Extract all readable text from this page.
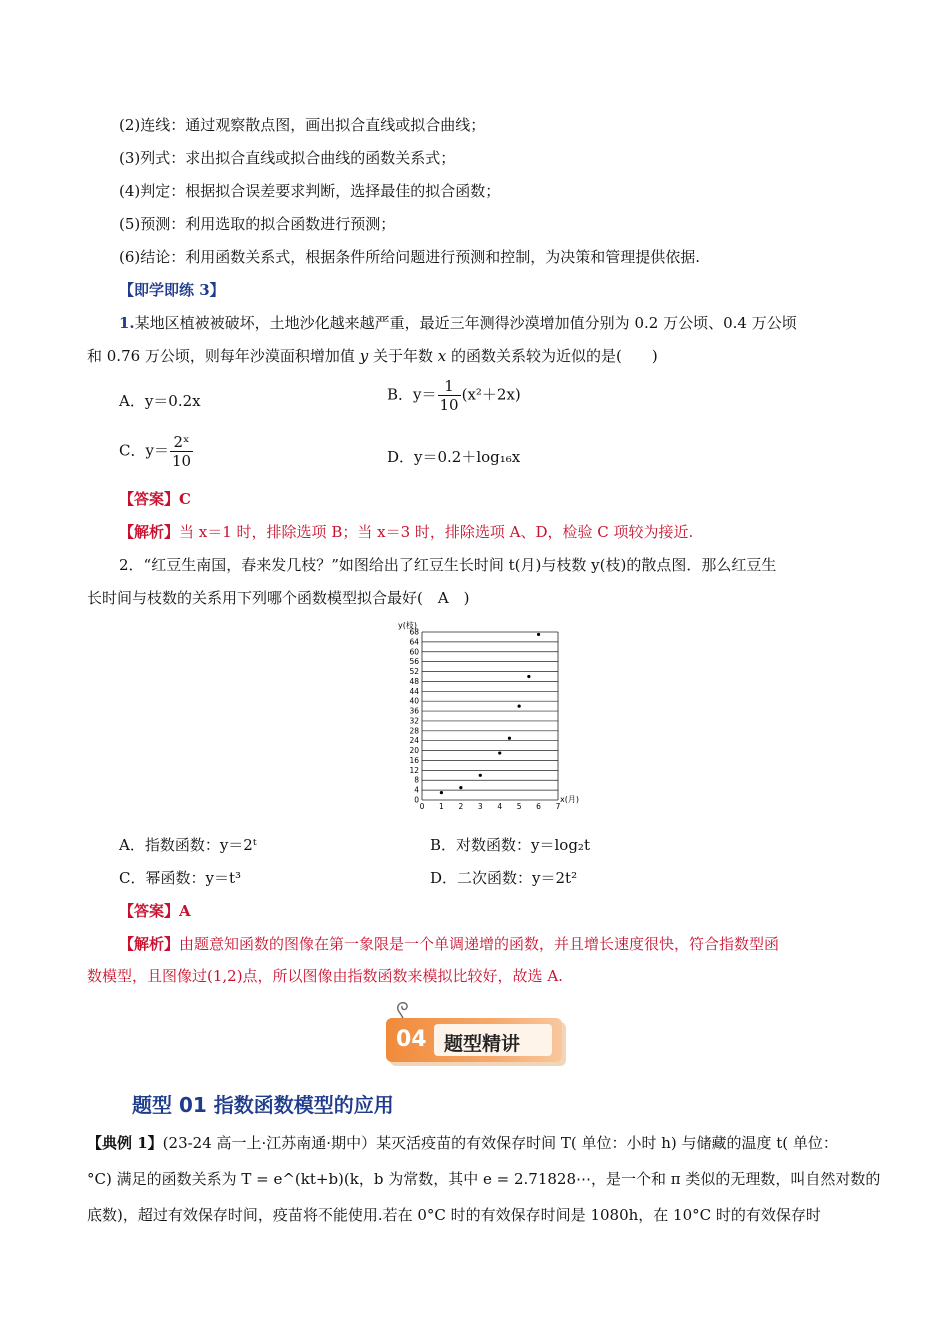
(2)连线：通过观察散点图，画出拟合直线或拟合曲线；
(3)列式：求出拟合直线或拟合曲线的函数关系式；
(4)判定：根据拟合误差要求判断，选择最佳的拟合函数；
(5)预测：利用选取的拟合函数进行预测；
(6)结论：利用函数关系式，根据条件所给问题进行预测和控制，为决策和管理提供依据.
【即学即练 3】
1.某地区植被被破坏，土地沙化越来越严重，最近三年测得沙漠增加值分别为 0.2 万公顷、0.4 万公顷
和 0.76 万公顷，则每年沙漠面积增加值 y 关于年数 x 的函数关系较为近似的是(　　)
A．y＝0.2x	B．$y= \frac{1}{10} (x^2+2x)$
C．$y= \frac{\text{2ˣ}}{10}$	D．y＝0.2＋log₁₆x
【答案】C
【解析】当 x＝1 时，排除选项 B；当 x＝3 时，排除选项 A、D，检验 C 项较为接近.
2．“红豆生南国，春来发几枝？”如图给出了红豆生长时间 t(月)与枝数 y(枝)的散点图．那么红豆生
长时间与枝数的关系用下列哪个函数模型拟合最好(　A　)
y(枝)
x(月)
0
4
8
12
16
20
24
28
32
36
40
44
48
52
56
60
64
68
0 1 2 3 4 5 6 7
A．指数函数：y＝2ᵗ	B．对数函数：y＝log₂t
C．幂函数：y＝t³	D．二次函数：y＝2t²
【答案】A
【解析】由题意知函数的图像在第一象限是一个单调递增的函数，并且增长速度很快，符合指数型函
数模型，且图像过(1,2)点，所以图像由指数函数来模拟比较好，故选 A.
04 题型精讲
题型 01 指数函数模型的应用
【典例 1】(23-24 高一上·江苏南通·期中）某灭活疫苗的有效保存时间 T( 单位：小时 h) 与储藏的温度 t( 单位：
°C) 满足的函数关系为 T = e^(kt+b)(k，b 为常数，其中 e = 2.71828⋯，是一个和 π 类似的无理数，叫自然对数的
底数)，超过有效保存时间，疫苗将不能使用.若在 0°C 时的有效保存时间是 1080h，在 10°C 时的有效保存时
